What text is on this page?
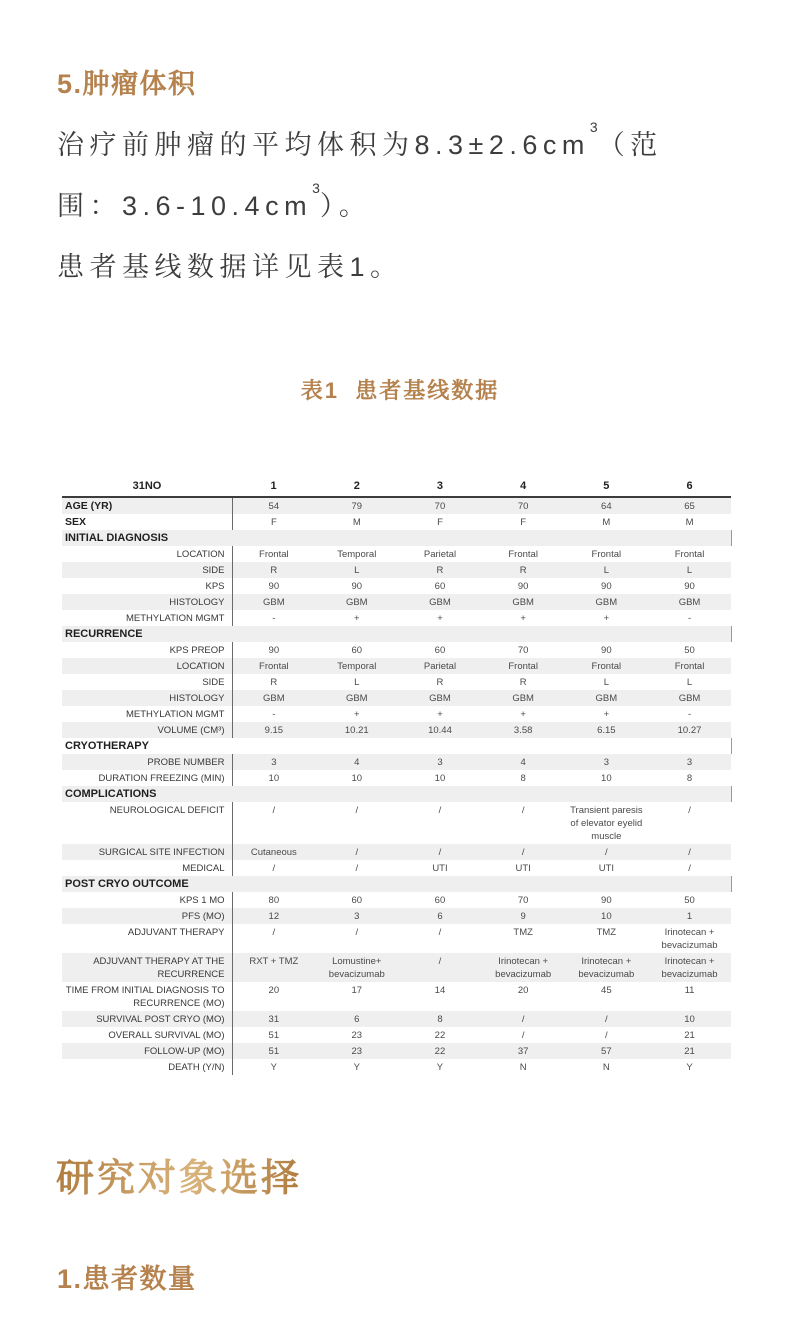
5.肿瘤体积

治疗前肿瘤的平均体积为$8.3\pm 2.6cm^3$（范

围：$3.6-10.4cm^3$）。

患者基线数据详见表1。

表1  患者基线数据
31NO	1	2	3	4	5	6
AGE (YR)	54	79	70	70	64	65
SEX	F	M	F	F	M	M
INITIAL DIAGNOSIS						
LOCATION	Frontal	Temporal	Parietal	Frontal	Frontal	Frontal
SIDE	R	L	R	R	L	L
KPS	90	90	60	90	90	90
HISTOLOGY	GBM	GBM	GBM	GBM	GBM	GBM
METHYLATION MGMT	-	+	+	+	+	-
RECURRENCE						
KPS PREOP	90	60	60	70	90	50
LOCATION	Frontal	Temporal	Parietal	Frontal	Frontal	Frontal
SIDE	R	L	R	R	L	L
HISTOLOGY	GBM	GBM	GBM	GBM	GBM	GBM
METHYLATION MGMT	-	+	+	+	+	-
VOLUME (CM³)	9.15	10.21	10.44	3.58	6.15	10.27
CRYOTHERAPY						
PROBE NUMBER	3	4	3	4	3	3
DURATION FREEZING (MIN)	10	10	10	8	10	8
COMPLICATIONS						
NEUROLOGICAL DEFICIT	/	/	/	/	Transient paresis of elevator eyelid muscle	/
SURGICAL SITE INFECTION	Cutaneous	/	/	/	/	/
MEDICAL	/	/	UTI	UTI	UTI	/
POST CRYO OUTCOME						
KPS 1 MO	80	60	60	70	90	50
PFS (MO)	12	3	6	9	10	1
ADJUVANT THERAPY	/	/	/	TMZ	TMZ	Irinotecan + bevacizumab
ADJUVANT THERAPY AT THE RECURRENCE	RXT + TMZ	Lomustine+ bevacizumab	/	Irinotecan + bevacizumab	Irinotecan + bevacizumab	Irinotecan + bevacizumab
TIME FROM INITIAL DIAGNOSIS TO RECURRENCE (MO)	20	17	14	20	45	11
SURVIVAL POST CRYO (MO)	31	6	8	/	/	10
OVERALL SURVIVAL (MO)	51	23	22	/	/	21
FOLLOW-UP (MO)	51	23	22	37	57	21
DEATH (Y/N)	Y	Y	Y	N	N	Y
研究对象选择
1.患者数量
